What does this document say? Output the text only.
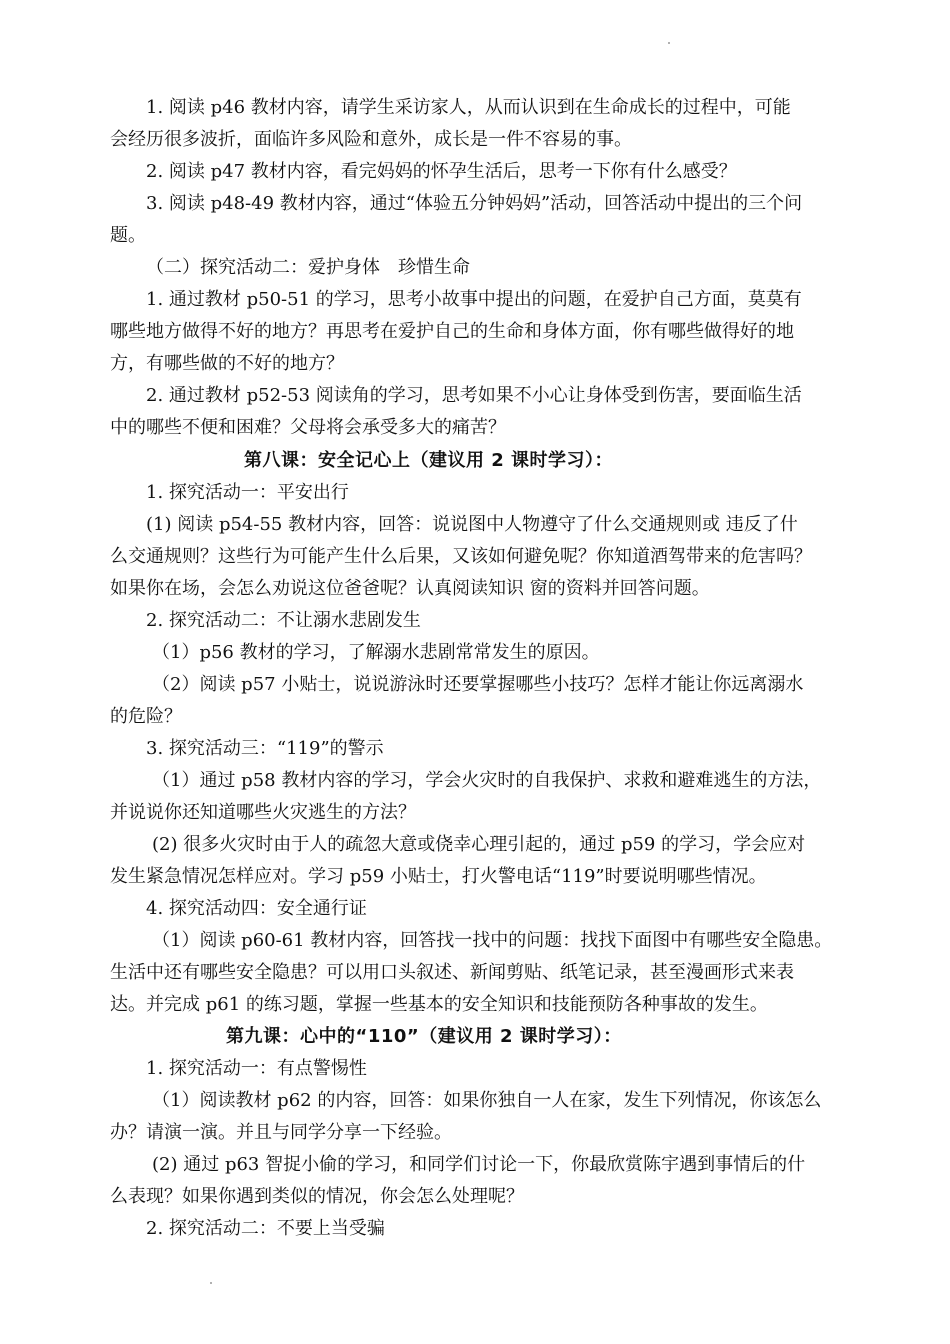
1. 阅读 p46 教材内容，请学生采访家人，从而认识到在生命成长的过程中，可能
会经历很多波折，面临许多风险和意外，成长是一件不容易的事。
2. 阅读 p47 教材内容，看完妈妈的怀孕生活后，思考一下你有什么感受？
3. 阅读 p48-49 教材内容，通过“体验五分钟妈妈”活动，回答活动中提出的三个问
题。
（二）探究活动二：爱护身体　珍惜生命
1. 通过教材 p50-51 的学习，思考小故事中提出的问题，在爱护自己方面，莫莫有
哪些地方做得不好的地方？再思考在爱护自己的生命和身体方面，你有哪些做得好的地
方，有哪些做的不好的地方？
2. 通过教材 p52-53 阅读角的学习，思考如果不小心让身体受到伤害，要面临生活
中的哪些不便和困难？父母将会承受多大的痛苦？
第八课：安全记心上（建议用 2 课时学习）：
1. 探究活动一：平安出行
(1) 阅读 p54-55 教材内容，回答：说说图中人物遵守了什么交通规则或 违反了什
么交通规则？这些行为可能产生什么后果，又该如何避免呢？你知道酒驾带来的危害吗？
如果你在场，会怎么劝说这位爸爸呢？认真阅读知识 窗的资料并回答问题。
2. 探究活动二：不让溺水悲剧发生
（1）p56 教材的学习，了解溺水悲剧常常发生的原因。
（2）阅读 p57 小贴士，说说游泳时还要掌握哪些小技巧？怎样才能让你远离溺水
的危险？
3. 探究活动三：“119”的警示
（1）通过 p58 教材内容的学习，学会火灾时的自我保护、求救和避难逃生的方法，
并说说你还知道哪些火灾逃生的方法？
(2) 很多火灾时由于人的疏忽大意或侥幸心理引起的，通过 p59 的学习，学会应对
发生紧急情况怎样应对。学习 p59 小贴士，打火警电话“119”时要说明哪些情况。
4. 探究活动四：安全通行证
（1）阅读 p60-61 教材内容，回答找一找中的问题：找找下面图中有哪些安全隐患。
生活中还有哪些安全隐患？可以用口头叙述、新闻剪贴、纸笔记录，甚至漫画形式来表
达。并完成 p61 的练习题，掌握一些基本的安全知识和技能预防各种事故的发生。
第九课：心中的“110”（建议用 2 课时学习）：
1. 探究活动一：有点警惕性
（1）阅读教材 p62 的内容，回答：如果你独自一人在家，发生下列情况，你该怎么
办？请演一演。并且与同学分享一下经验。
(2) 通过 p63 智捉小偷的学习，和同学们讨论一下，你最欣赏陈宇遇到事情后的什
么表现？如果你遇到类似的情况，你会怎么处理呢？
2. 探究活动二：不要上当受骗
